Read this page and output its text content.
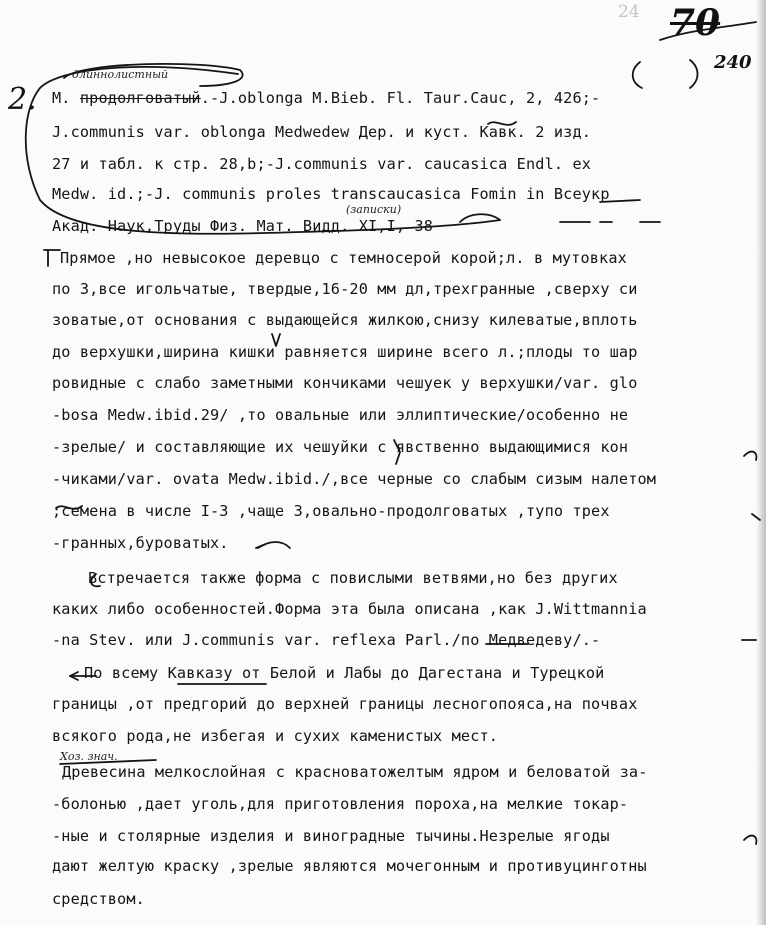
24 70
240
2.
длиннолистный
(записки)
Хоз. знач.
М. продолговатый.-J.oblonga M.Bieb. Fl. Taur.Cauc, 2, 426;-
J.communis var. oblonga Medwedew Дер. и куст. Кавк. 2 изд.
27 и табл. к стр. 28,b;-J.communis var. caucasica Endl. ex
Medw. id.;-J. communis proles transcaucasica Fomin in Всеукр
Акад. Наук,Труды Физ. Мат. Видд. XI,I, 38
Прямое ,но невысокое деревцо с темносерой корой;л. в мутовках
по 3,все игольчатые, твердые,16-20 мм дл,трехгранные ,сверху си
зоватые,от основания с выдающейся жилкою,снизу килеватые,вплоть
до верхушки,ширина кишки равняется ширине всего л.;плоды то шар
ровидные с слабо заметными кончиками чешуек у верхушки/var. glo
-bosa Medw.ibid.29/ ,то овальные или эллиптические/особенно не
-зрелые/ и составляющие их чешуйки с явственно выдающимися кон
-чиками/var. ovata Medw.ibid./,все черные со слабым сизым налетом
;семена в числе I-3 ,чаще 3,овально-продолговатых ,тупо трех
-гранных,буроватых.
Встречается также форма с повислыми ветвями,но без других
каких либо особенностей.Форма эта была описана ,как J.Wittmannia
-na Stev. или J.communis var. reflexa Parl./по Медведеву/.-
По всему Кавказу от Белой и Лабы до Дагестана и Турецкой
границы ,от предгорий до верхней границы лесногопояса,на почвах
всякого рода,не избегая и сухих каменистых мест.
Древесина мелкослойная с красноватожелтым ядром и беловатой за-
-болонью ,дает уголь,для приготовления пороха,на мелкие токар-
-ные и столярные изделия и виноградные тычины.Незрелые ягоды
дают желтую краску ,зрелые являются мочегонным и противуцинготны
средством.
